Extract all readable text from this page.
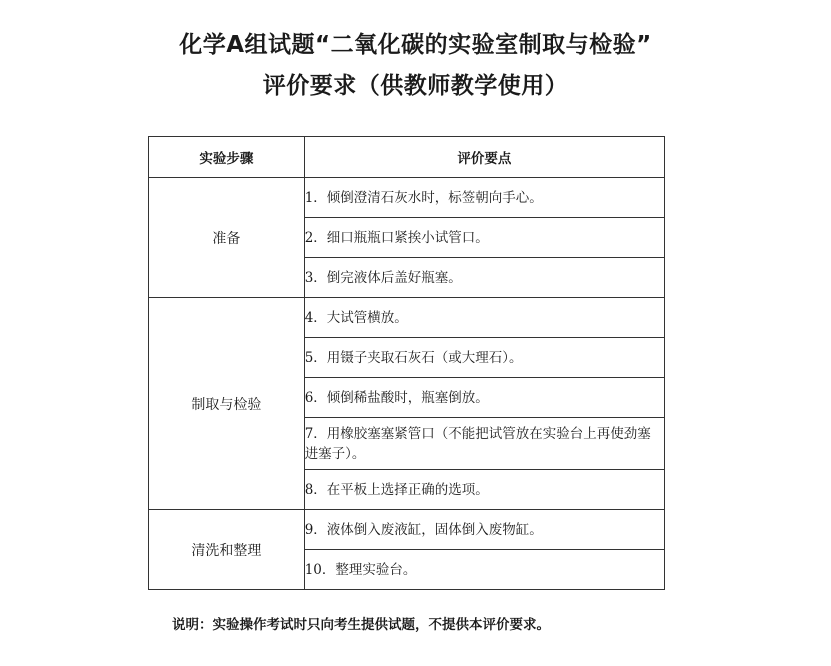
化学A组试题“二氧化碳的实验室制取与检验”
评价要求（供教师教学使用）
实验步骤	评价要点
准备	1．倾倒澄清石灰水时，标签朝向手心。
	2．细口瓶瓶口紧挨小试管口。
	3．倒完液体后盖好瓶塞。
制取与检验	4．大试管横放。
	5．用镊子夹取石灰石（或大理石）。
	6．倾倒稀盐酸时，瓶塞倒放。
	7．用橡胶塞塞紧管口（不能把试管放在实验台上再使劲塞进塞子）。
	8．在平板上选择正确的选项。
清洗和整理	9．液体倒入废液缸，固体倒入废物缸。
	10．整理实验台。
说明：实验操作考试时只向考生提供试题，不提供本评价要求。
